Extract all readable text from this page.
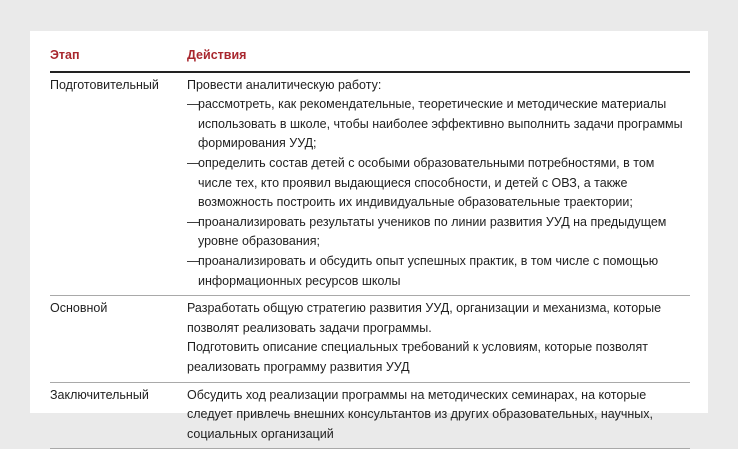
Этап	Действия
Подготовительный	Провести аналитическую работу:
— рассмотреть, как рекомендательные, теоретические и методические материалы использовать в школе, чтобы наиболее эффективно выполнить задачи программы формирования УУД;
— определить состав детей с особыми образовательными потребностями, в том числе тех, кто проявил выдающиеся способности, и детей с ОВЗ, а также возможность построить их индивидуальные образовательные траектории;
— проанализировать результаты учеников по линии развития УУД на предыдущем уровне образования;
— проанализировать и обсудить опыт успешных практик, в том числе с помощью информационных ресурсов школы

Основной	Разработать общую стратегию развития УУД, организации и механизма, которые позволят реализовать задачи программы.
Подготовить описание специальных требований к условиям, которые позволят реализовать программу развития УУД

Заключительный	Обсудить ход реализации программы на методических семинарах, на которые следует привлечь внешних консультантов из других образовательных, научных, социальных организаций
